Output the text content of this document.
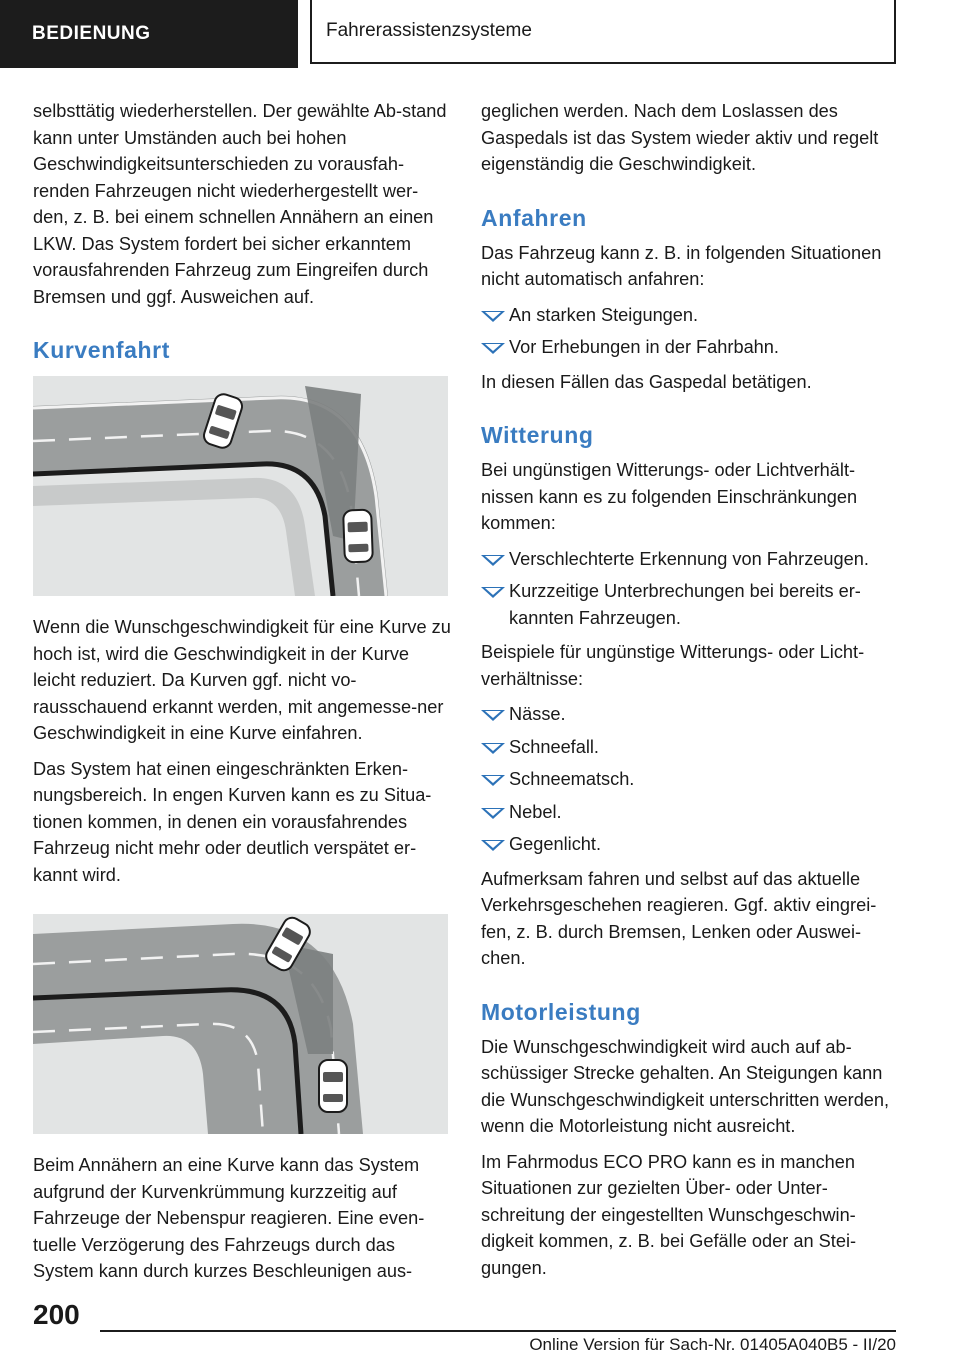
BEDIENUNG	Fahrerassistenzsysteme

selbsttätig wiederherstellen. Der gewählte Ab-stand kann unter Umständen auch bei hohen Geschwindigkeitsunterschieden zu vorausfah-renden Fahrzeugen nicht wiederhergestellt wer-den, z. B. bei einem schnellen Annähern an einen LKW. Das System fordert bei sicher erkanntem vorausfahrenden Fahrzeug zum Eingreifen durch Bremsen und ggf. Ausweichen auf.

Kurvenfahrt

Wenn die Wunschgeschwindigkeit für eine Kurve zu hoch ist, wird die Geschwindigkeit in der Kurve leicht reduziert. Da Kurven ggf. nicht vo-rausschauend erkannt werden, mit angemesse-ner Geschwindigkeit in eine Kurve einfahren.

Das System hat einen eingeschränkten Erken-nungsbereich. In engen Kurven kann es zu Situa-tionen kommen, in denen ein vorausfahrendes Fahrzeug nicht mehr oder deutlich verspätet er-kannt wird.

Beim Annähern an eine Kurve kann das System aufgrund der Kurvenkrümmung kurzzeitig auf Fahrzeuge der Nebenspur reagieren. Eine even-tuelle Verzögerung des Fahrzeugs durch das System kann durch kurzes Beschleunigen aus-

geglichen werden. Nach dem Loslassen des Gaspedals ist das System wieder aktiv und regelt eigenständig die Geschwindigkeit.

Anfahren

Das Fahrzeug kann z. B. in folgenden Situationen nicht automatisch anfahren:

An starken Steigungen.
Vor Erhebungen in der Fahrbahn.

In diesen Fällen das Gaspedal betätigen.

Witterung

Bei ungünstigen Witterungs- oder Lichtverhält-nissen kann es zu folgenden Einschränkungen kommen:

Verschlechterte Erkennung von Fahrzeugen.
Kurzzeitige Unterbrechungen bei bereits er-kannten Fahrzeugen.

Beispiele für ungünstige Witterungs- oder Licht-verhältnisse:

Nässe.
Schneefall.
Schneematsch.
Nebel.
Gegenlicht.

Aufmerksam fahren und selbst auf das aktuelle Verkehrsgeschehen reagieren. Ggf. aktiv eingrei-fen, z. B. durch Bremsen, Lenken oder Auswei-chen.

Motorleistung

Die Wunschgeschwindigkeit wird auch auf ab-schüssiger Strecke gehalten. An Steigungen kann die Wunschgeschwindigkeit unterschritten werden, wenn die Motorleistung nicht ausreicht.

Im Fahrmodus ECO PRO kann es in manchen Situationen zur gezielten Über- oder Unter-schreitung der eingestellten Wunschgeschwin-digkeit kommen, z. B. bei Gefälle oder an Stei-gungen.

200
Online Version für Sach-Nr. 01405A040B5 - II/20
